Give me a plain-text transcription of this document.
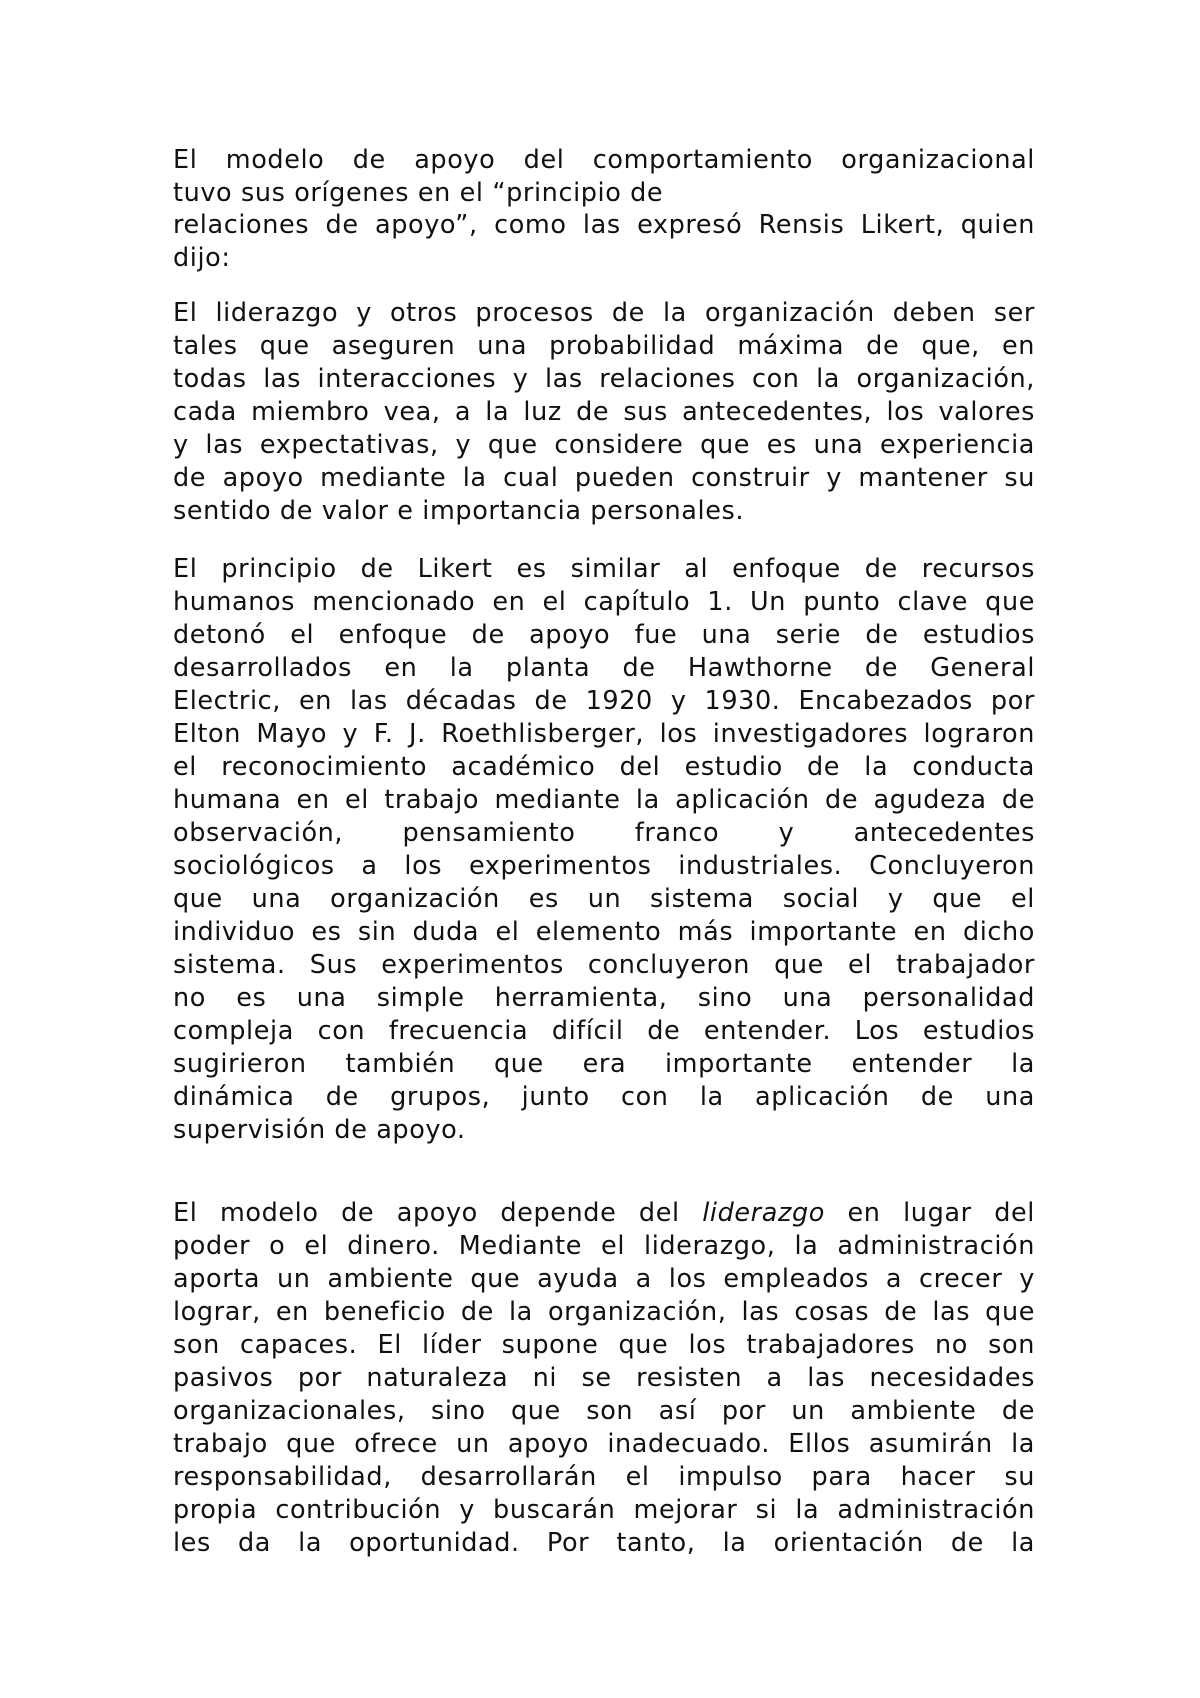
El modelo de apoyo del comportamiento organizacional
tuvo sus orígenes en el “principio de
relaciones de apoyo”, como las expresó Rensis Likert, quien
dijo:
El liderazgo y otros procesos de la organización deben ser
tales que aseguren una probabilidad máxima de que, en
todas las interacciones y las relaciones con la organización,
cada miembro vea, a la luz de sus antecedentes, los valores
y las expectativas, y que considere que es una experiencia
de apoyo mediante la cual pueden construir y mantener su
sentido de valor e importancia personales.
El principio de Likert es similar al enfoque de recursos
humanos mencionado en el capítulo 1. Un punto clave que
detonó el enfoque de apoyo fue una serie de estudios
desarrollados en la planta de Hawthorne de General
Electric, en las décadas de 1920 y 1930. Encabezados por
Elton Mayo y F. J. Roethlisberger, los investigadores lograron
el reconocimiento académico del estudio de la conducta
humana en el trabajo mediante la aplicación de agudeza de
observación, pensamiento franco y antecedentes
sociológicos a los experimentos industriales. Concluyeron
que una organización es un sistema social y que el
individuo es sin duda el elemento más importante en dicho
sistema. Sus experimentos concluyeron que el trabajador
no es una simple herramienta, sino una personalidad
compleja con frecuencia difícil de entender. Los estudios
sugirieron también que era importante entender la
dinámica de grupos, junto con la aplicación de una
supervisión de apoyo.
El modelo de apoyo depende del liderazgo en lugar del
poder o el dinero. Mediante el liderazgo, la administración
aporta un ambiente que ayuda a los empleados a crecer y
lograr, en beneficio de la organización, las cosas de las que
son capaces. El líder supone que los trabajadores no son
pasivos por naturaleza ni se resisten a las necesidades
organizacionales, sino que son así por un ambiente de
trabajo que ofrece un apoyo inadecuado. Ellos asumirán la
responsabilidad, desarrollarán el impulso para hacer su
propia contribución y buscarán mejorar si la administración
les da la oportunidad. Por tanto, la orientación de la
